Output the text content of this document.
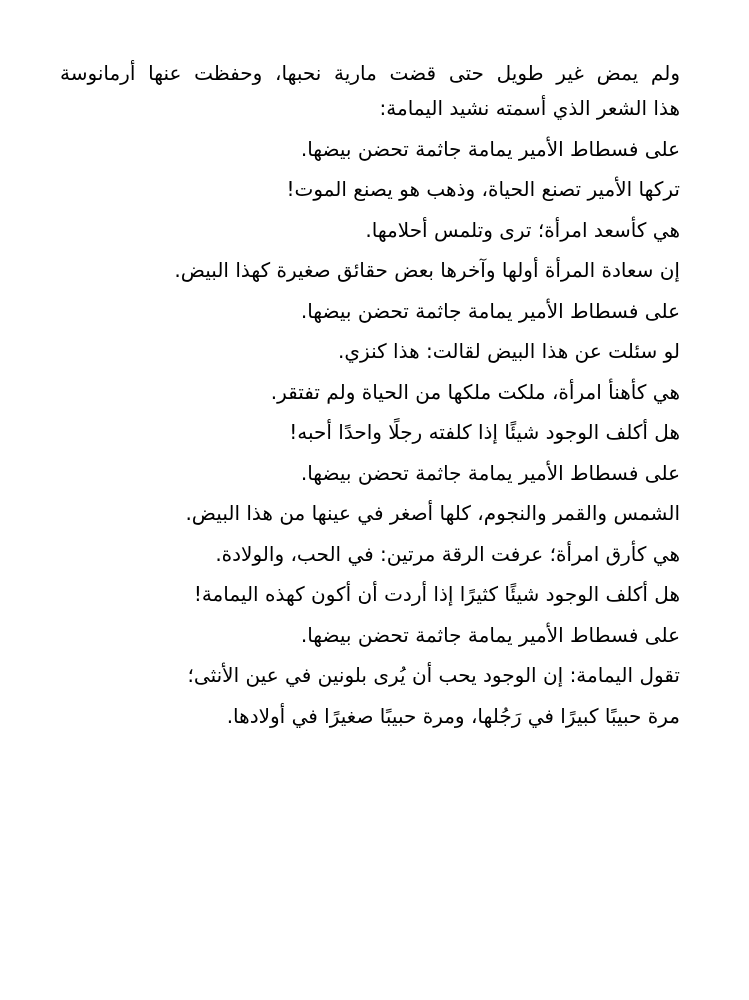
ولم يمض غير طويل حتى قضت مارية نحبها، وحفظت عنها أرمانوسة
هذا الشعر الذي أسمته نشيد اليمامة:
على فسطاط الأمير يمامة جاثمة تحضن بيضها.
تركها الأمير تصنع الحياة، وذهب هو يصنع الموت!
هي كأسعد امرأة؛ ترى وتلمس أحلامها.
إن سعادة المرأة أولها وآخرها بعض حقائق صغيرة كهذا البيض.
على فسطاط الأمير يمامة جاثمة تحضن بيضها.
لو سئلت عن هذا البيض لقالت: هذا كنزي.
هي كأهنأ امرأة، ملكت ملكها من الحياة ولم تفتقر.
هل أكلف الوجود شيئًا إذا كلفته رجلًا واحدًا أحبه!
على فسطاط الأمير يمامة جاثمة تحضن بيضها.
الشمس والقمر والنجوم، كلها أصغر في عينها من هذا البيض.
هي كأرق امرأة؛ عرفت الرقة مرتين: في الحب، والولادة.
هل أكلف الوجود شيئًا كثيرًا إذا أردت أن أكون كهذه اليمامة!
على فسطاط الأمير يمامة جاثمة تحضن بيضها.
تقول اليمامة: إن الوجود يحب أن يُرى بلونين في عين الأنثى؛
مرة حبيبًا كبيرًا في رَجُلها، ومرة حبيبًا صغيرًا في أولادها.
